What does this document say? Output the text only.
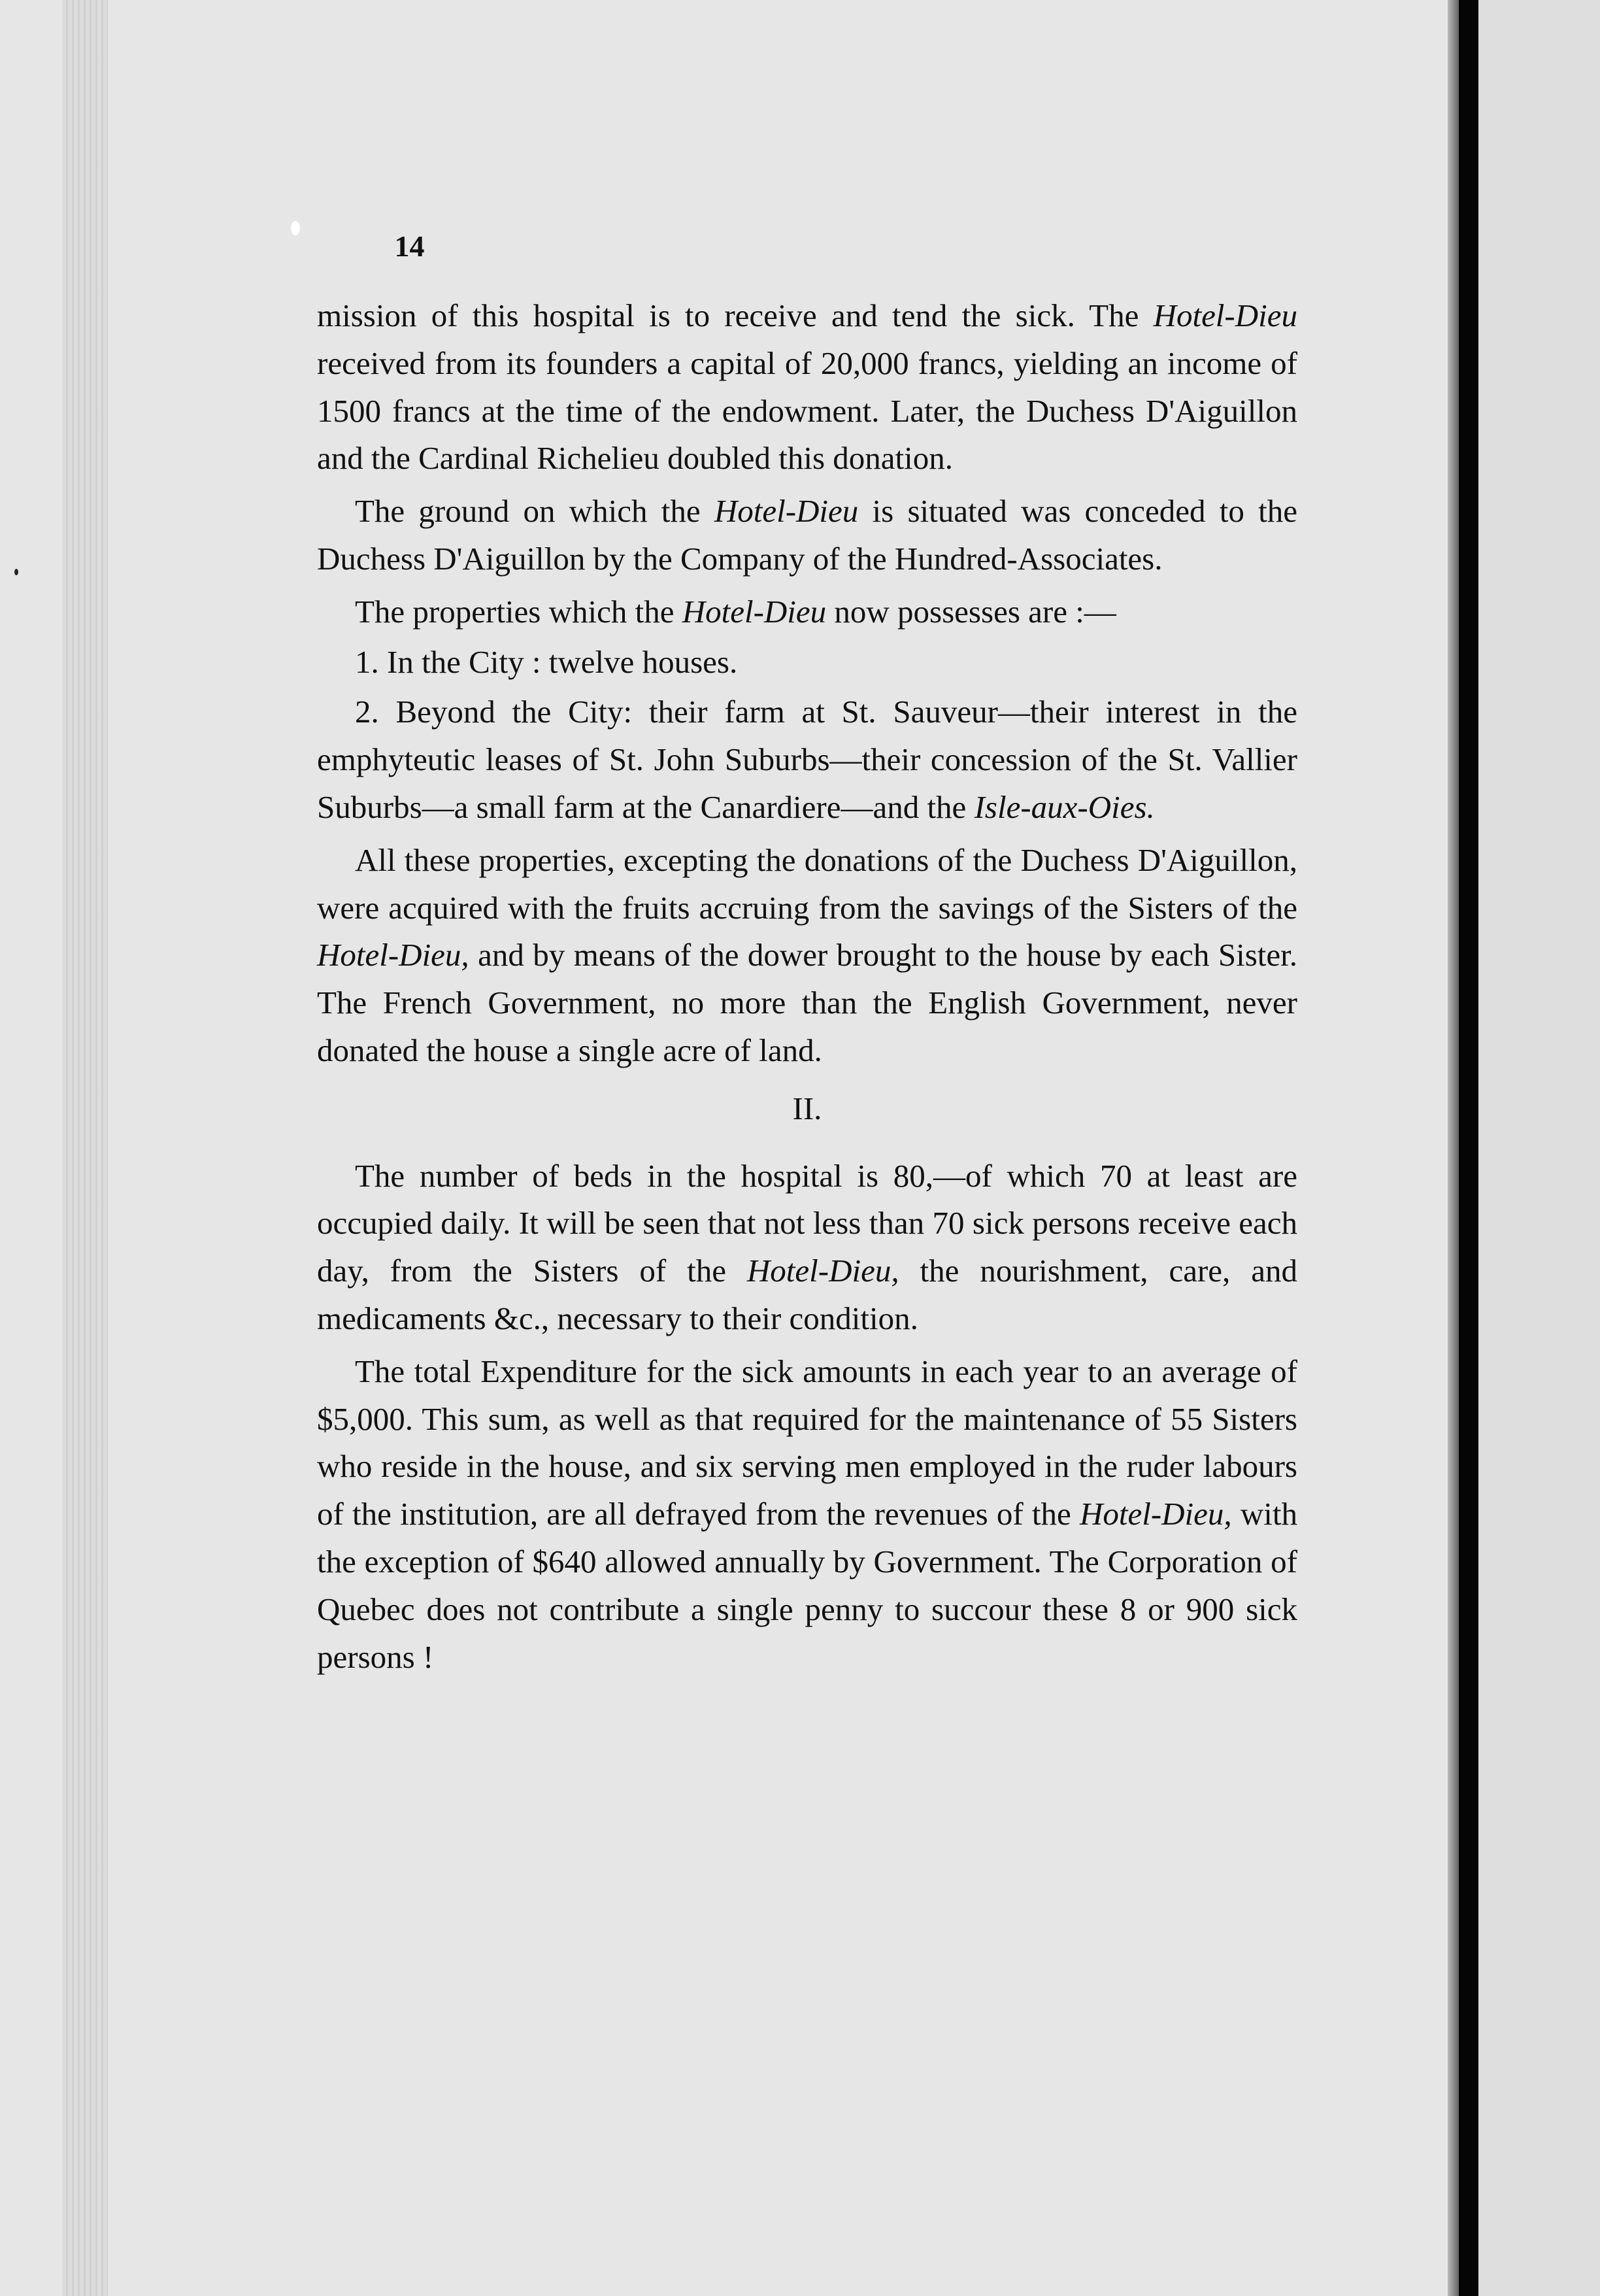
14

mission of this hospital is to receive and tend the sick. The Hotel-Dieu received from its founders a capital of 20,000 francs, yielding an income of 1500 francs at the time of the endowment. Later, the Duchess D'Aiguillon and the Cardinal Richelieu doubled this donation.

The ground on which the Hotel-Dieu is situated was conceded to the Duchess D'Aiguillon by the Company of the Hundred-Associates.

The properties which the Hotel-Dieu now possesses are :—

1. In the City : twelve houses.

2. Beyond the City: their farm at St. Sauveur—their interest in the emphyteutic leases of St. John Suburbs—their concession of the St. Vallier Suburbs—a small farm at the Canardiere—and the Isle-aux-Oies.

All these properties, excepting the donations of the Duchess D'Aiguillon, were acquired with the fruits accruing from the savings of the Sisters of the Hotel-Dieu, and by means of the dower brought to the house by each Sister. The French Government, no more than the English Government, never donated the house a single acre of land.

II.

The number of beds in the hospital is 80,—of which 70 at least are occupied daily. It will be seen that not less than 70 sick persons receive each day, from the Sisters of the Hotel-Dieu, the nourishment, care, and medicaments &c., necessary to their condition.

The total Expenditure for the sick amounts in each year to an average of $5,000. This sum, as well as that required for the maintenance of 55 Sisters who reside in the house, and six serving men employed in the ruder labours of the institution, are all defrayed from the revenues of the Hotel-Dieu, with the exception of $640 allowed annually by Government. The Corporation of Quebec does not contribute a single penny to succour these 8 or 900 sick persons !
